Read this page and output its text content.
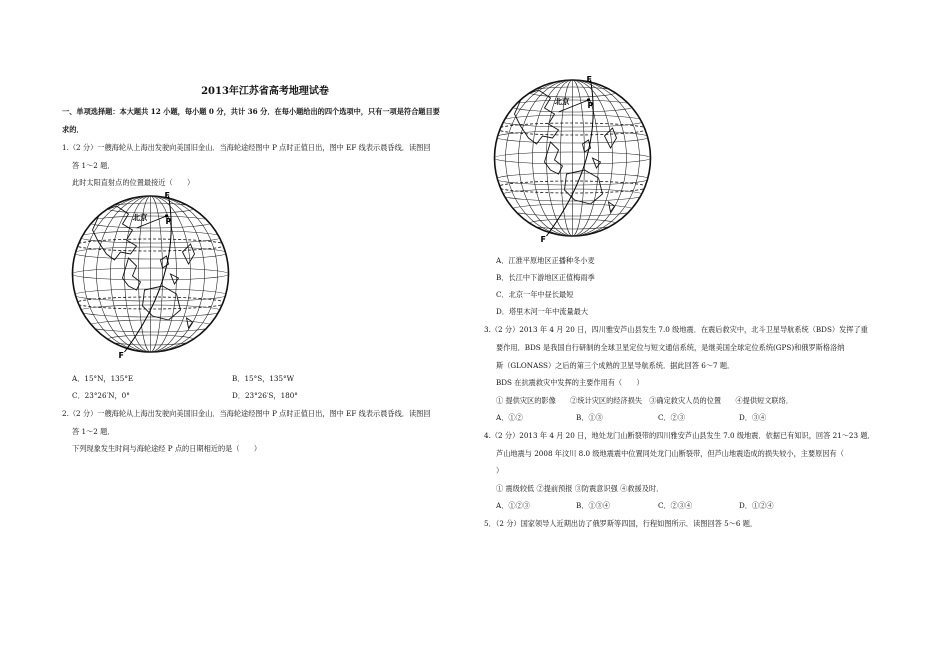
2013年江苏省高考地理试卷
一、单项选择题：本大题共 12 小题，每小题 0 分，共计 36 分．在每小题给出的四个选项中，只有一项是符合题目要
求的．
1.（2 分）一艘海轮从上海出发驶向美国旧金山．当海轮途经图中 P 点时正值日出，图中 EF 线表示晨昏线．读图回
答 1～2 题．
此时太阳直射点的位置最接近（　　）
E
P
北京
F
A．15°N，135°E	B．15°S，135°W
C．23°26′N，0°	D．23°26′S，180°
2.（2 分）一艘海轮从上海出发驶向美国旧金山．当海轮途经图中 P 点时正值日出，图中 EF 线表示晨昏线．读图回
答 1～2 题．
下列现象发生时间与海轮途经 P 点的日期相近的是（　　）
E
P
北京
F
A．江淮平原地区正播种冬小麦
B．长江中下游地区正值梅雨季
C．北京一年中昼长最短
D．塔里木河一年中流量最大
3.（2 分）2013 年 4 月 20 日，四川雅安芦山县发生 7.0 级地震．在震后救灾中，北斗卫星导航系统（BDS）发挥了重
要作用．BDS 是我国自行研制的全球卫星定位与短文通信系统，是继美国全球定位系统(GPS)和俄罗斯格洛纳
斯（GLONASS）之后的第三个成熟的卫星导航系统．据此回答 6～7 题．
BDS 在抗震救灾中发挥的主要作用有（　　）
① 提供灾区的影像　　②统计灾区的经济损失　③确定救灾人员的位置　　④提供短文联络．
A．①②	B．①③	C．②③	D．③④
4.（2 分）2013 年 4 月 20 日，地处龙门山断裂带的四川雅安芦山县发生 7.0 级地震．依据已有知识，回答 21～23 题．
芦山地震与 2008 年汶川 8.0 级地震震中位置同处龙门山断裂带，但芦山地震造成的损失较小，主要原因有（
）
① 震级较低 ②提前预报 ③防震意识强 ④救援及时．
A．①②③	B．①③④	C．②③④	D．①②④
5．（2 分）国家领导人近期出访了俄罗斯等四国，行程如图所示．读图回答 5～6 题．
